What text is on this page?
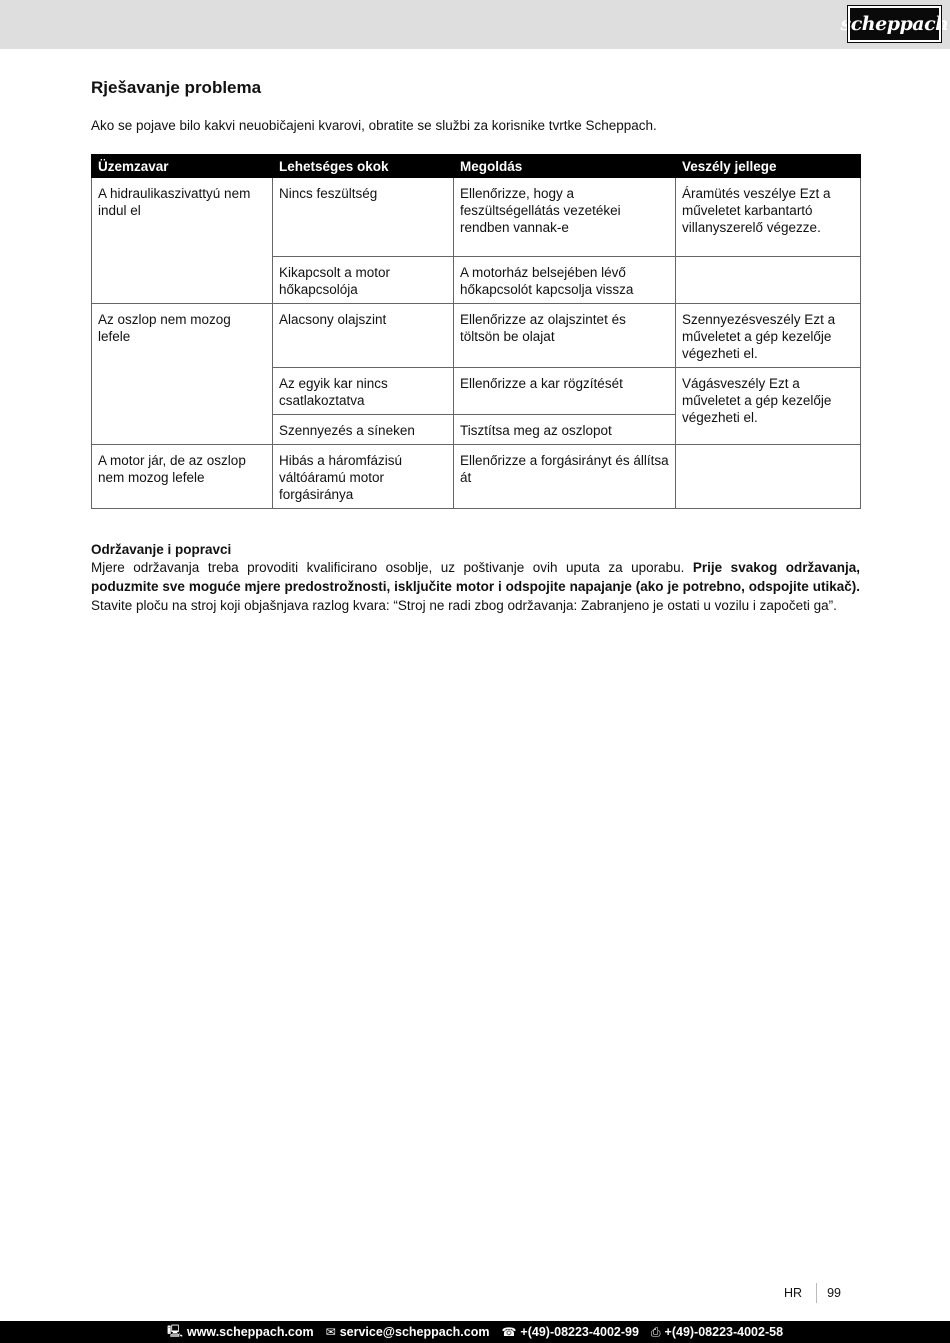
scheppach
Rješavanje problema

Ako se pojave bilo kakvi neuobičajeni kvarovi, obratite se službi za korisnike tvrtke Scheppach.

Üzemzavar	Lehetséges okok	Megoldás	Veszély jellege
A hidraulikaszivattyú nem indul el	Nincs feszültség	Ellenőrizze, hogy a feszültségellátás vezetékei rendben vannak-e	Áramütés veszélye Ezt a műveletet karbantartó villanyszerelő végezze.
	Kikapcsolt a motor hőkapcsolója	A motorház belsejében lévő hőkapcsolót kapcsolja vissza	
Az oszlop nem mozog lefele	Alacsony olajszint	Ellenőrizze az olajszintet és töltsön be olajat	Szennyezésveszély Ezt a műveletet a gép kezelője végezheti el.
	Az egyik kar nincs csatlakoztatva	Ellenőrizze a kar rögzítését	Vágásveszély Ezt a műveletet a gép kezelője végezheti el.
	Szennyezés a síneken	Tisztítsa meg az oszlopot	
A motor jár, de az oszlop nem mozog lefele	Hibás a háromfázisú váltóáramú motor forgásiránya	Ellenőrizze a forgásirányt és állítsa át	
Održavanje i popravci

Mjere održavanja treba provoditi kvalificirano osoblje, uz poštivanje ovih uputa za uporabu. Prije svakog održavanja, poduzmite sve moguće mjere predostrožnosti, isključite motor i odspojite napajanje (ako je potrebno, odspojite utikač). Stavite ploču na stroj koji objašnjava razlog kvara: “Stroj ne radi zbog održavanja: Zabranjeno je ostati u vozilu i započeti ga”.

HR	99
🖳︎ www.scheppach.com ✉︎ service@scheppach.com ☎ +(49)-08223-4002-99 ⎙ +(49)-08223-4002-58
